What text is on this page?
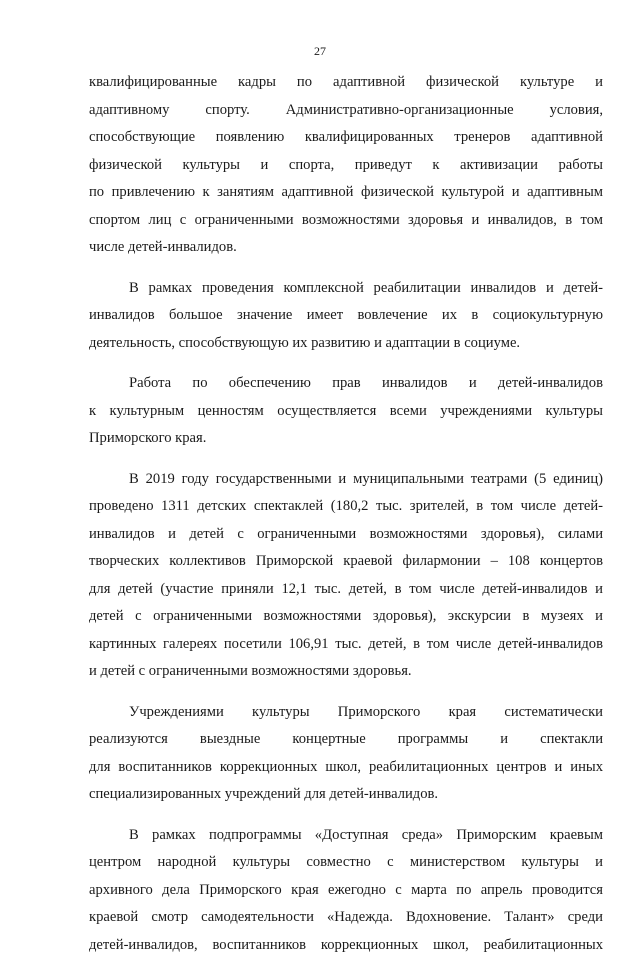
27
квалифицированные кадры по адаптивной физической культуре и
адаптивному спорту. Административно-организационные условия,
способствующие появлению квалифицированных тренеров адаптивной
физической культуры и спорта, приведут к активизации работы
по привлечению к занятиям адаптивной физической культурой и адаптивным
спортом лиц с ограниченными возможностями здоровья и инвалидов, в том
числе детей-инвалидов.
В рамках проведения комплексной реабилитации инвалидов и детей-
инвалидов большое значение имеет вовлечение их в социокультурную
деятельность, способствующую их развитию и адаптации в социуме.
Работа по обеспечению прав инвалидов и детей-инвалидов
к культурным ценностям осуществляется всеми учреждениями культуры
Приморского края.
В 2019 году государственными и муниципальными театрами (5 единиц)
проведено 1311 детских спектаклей (180,2 тыс. зрителей, в том числе детей-
инвалидов и детей с ограниченными возможностями здоровья), силами
творческих коллективов Приморской краевой филармонии – 108 концертов
для детей (участие приняли 12,1 тыс. детей, в том числе детей-инвалидов и
детей с ограниченными возможностями здоровья), экскурсии в музеях и
картинных галереях посетили 106,91 тыс. детей, в том числе детей-инвалидов
и детей с ограниченными возможностями здоровья.
Учреждениями культуры Приморского края систематически
реализуются выездные концертные программы и спектакли
для воспитанников коррекционных школ, реабилитационных центров и иных
специализированных учреждений для детей-инвалидов.
В рамках подпрограммы «Доступная среда» Приморским краевым
центром народной культуры совместно с министерством культуры и
архивного дела Приморского края ежегодно с марта по апрель проводится
краевой смотр самодеятельности «Надежда. Вдохновение. Талант» среди
детей-инвалидов, воспитанников коррекционных школ, реабилитационных
